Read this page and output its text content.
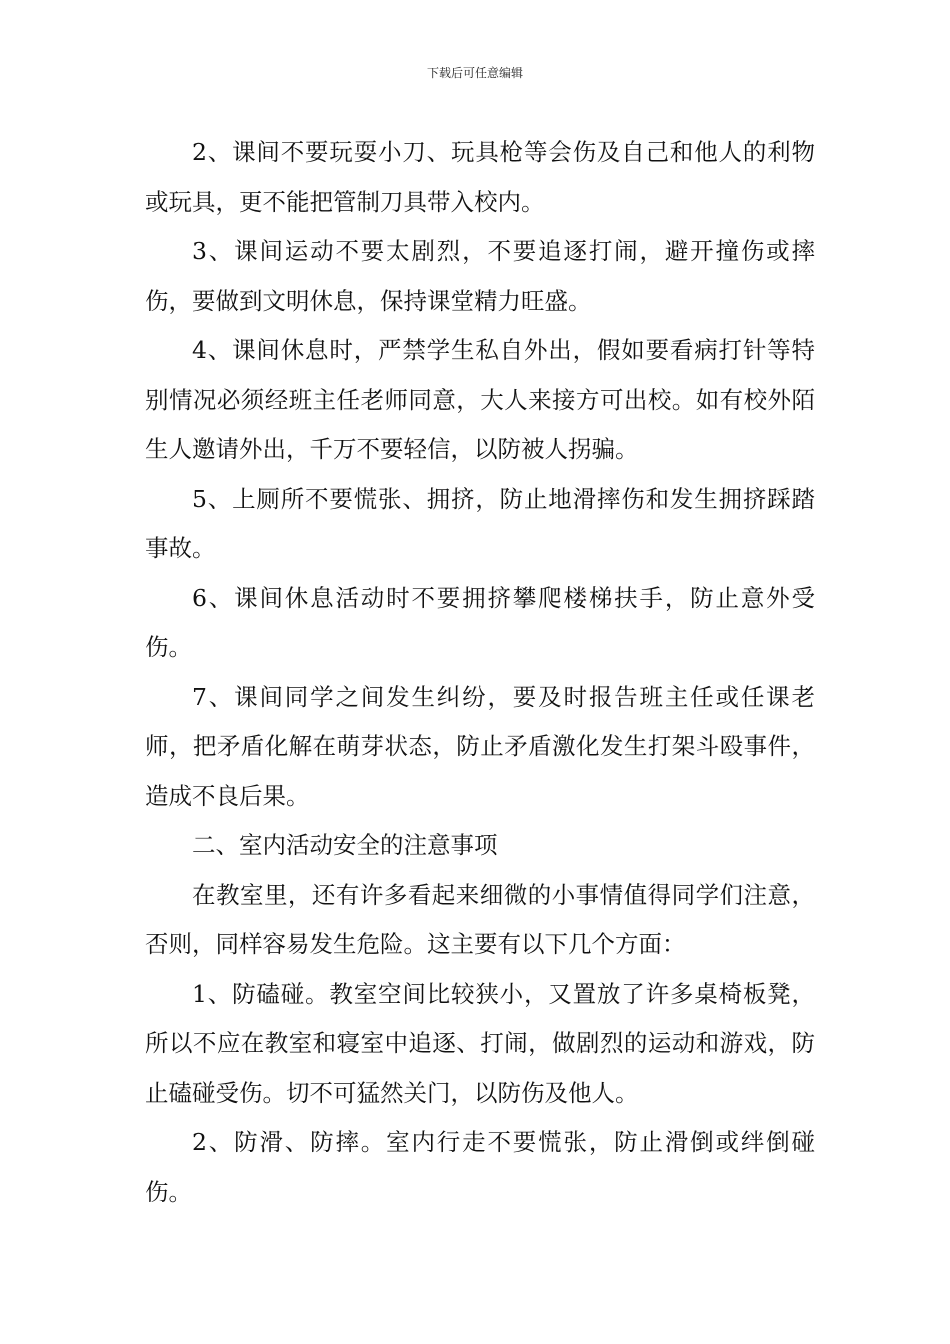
下载后可任意编辑

2、课间不要玩耍小刀、玩具枪等会伤及自己和他人的利物或玩具，更不能把管制刀具带入校内。

3、课间运动不要太剧烈，不要追逐打闹，避开撞伤或摔伤，要做到文明休息，保持课堂精力旺盛。

4、课间休息时，严禁学生私自外出，假如要看病打针等特别情况必须经班主任老师同意，大人来接方可出校。如有校外陌生人邀请外出，千万不要轻信，以防被人拐骗。

5、上厕所不要慌张、拥挤，防止地滑摔伤和发生拥挤踩踏事故。

6、课间休息活动时不要拥挤攀爬楼梯扶手，防止意外受伤。

7、课间同学之间发生纠纷，要及时报告班主任或任课老师，把矛盾化解在萌芽状态，防止矛盾激化发生打架斗殴事件，造成不良后果。

二、室内活动安全的注意事项

在教室里，还有许多看起来细微的小事情值得同学们注意，否则，同样容易发生危险。这主要有以下几个方面：

1、防磕碰。教室空间比较狭小，又置放了许多桌椅板凳，所以不应在教室和寝室中追逐、打闹，做剧烈的运动和游戏，防止磕碰受伤。切不可猛然关门，以防伤及他人。

2、防滑、防摔。室内行走不要慌张，防止滑倒或绊倒碰伤。
